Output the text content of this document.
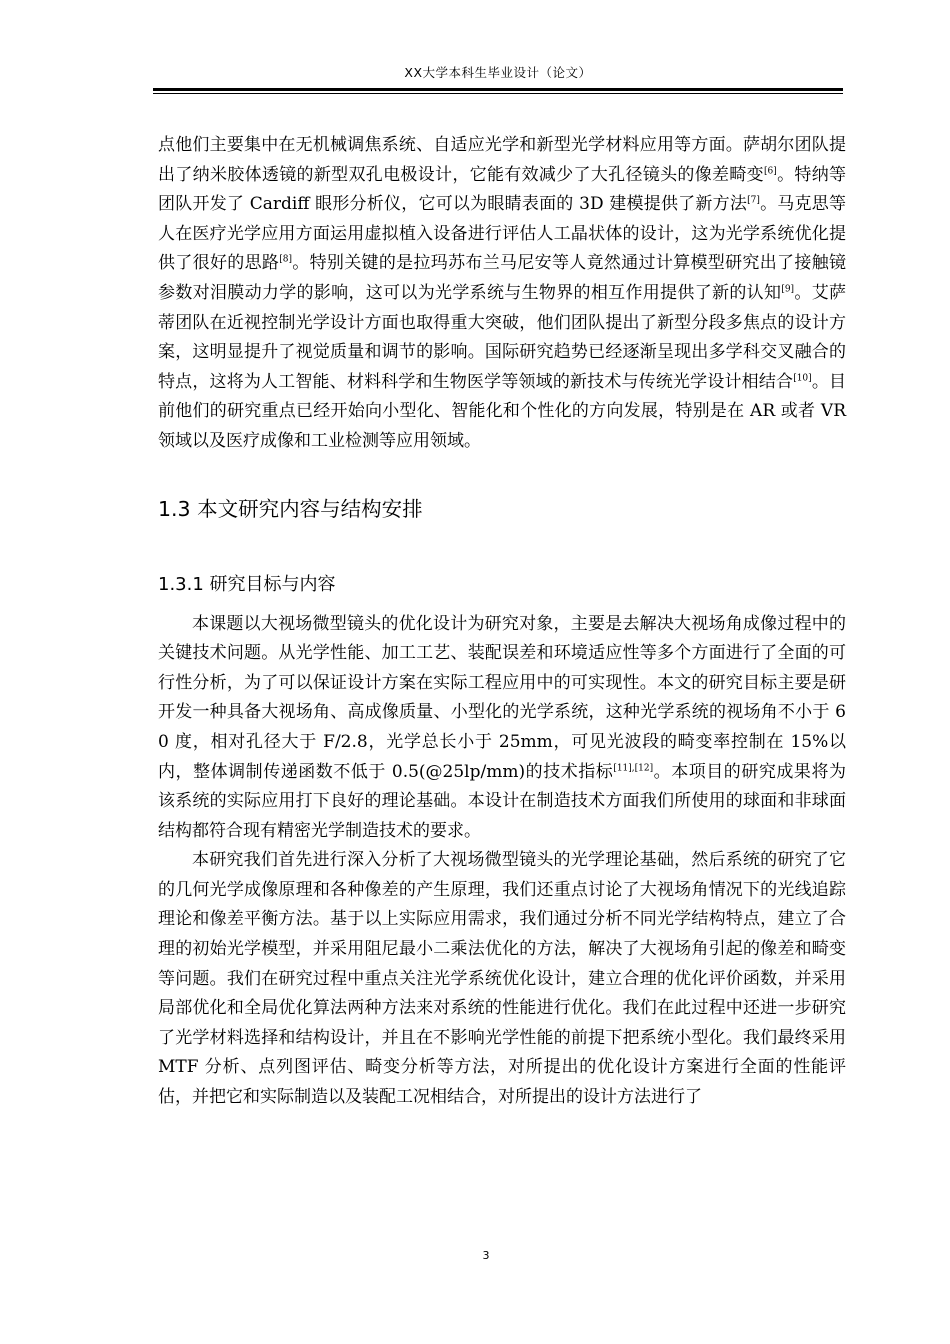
XX大学本科生毕业设计（论文）

点他们主要集中在无机械调焦系统、自适应光学和新型光学材料应用等方面。萨胡尔团队提出了纳米胶体透镜的新型双孔电极设计，它能有效减少了大孔径镜头的像差畸变[6]。特纳等团队开发了 Cardiff 眼形分析仪，它可以为眼睛表面的 3D 建模提供了新方法[7]。马克思等人在医疗光学应用方面运用虚拟植入设备进行评估人工晶状体的设计，这为光学系统优化提供了很好的思路[8]。特别关键的是拉玛苏布兰马尼安等人竟然通过计算模型研究出了接触镜参数对泪膜动力学的影响，这可以为光学系统与生物界的相互作用提供了新的认知[9]。艾萨蒂团队在近视控制光学设计方面也取得重大突破，他们团队提出了新型分段多焦点的设计方案，这明显提升了视觉质量和调节的影响。国际研究趋势已经逐渐呈现出多学科交叉融合的特点，这将为人工智能、材料科学和生物医学等领域的新技术与传统光学设计相结合[10]。目前他们的研究重点已经开始向小型化、智能化和个性化的方向发展，特别是在 AR 或者 VR 领域以及医疗成像和工业检测等应用领域。

1.3 本文研究内容与结构安排
1.3.1 研究目标与内容

本课题以大视场微型镜头的优化设计为研究对象，主要是去解决大视场角成像过程中的关键技术问题。从光学性能、加工工艺、装配误差和环境适应性等多个方面进行了全面的可行性分析，为了可以保证设计方案在实际工程应用中的可实现性。本文的研究目标主要是研开发一种具备大视场角、高成像质量、小型化的光学系统，这种光学系统的视场角不小于 60 度，相对孔径大于 F/2.8，光学总长小于 25mm，可见光波段的畸变率控制在 15%以内，整体调制传递函数不低于 0.5(@25lp/mm)的技术指标[11],[12]。本项目的研究成果将为该系统的实际应用打下良好的理论基础。本设计在制造技术方面我们所使用的球面和非球面结构都符合现有精密光学制造技术的要求。

本研究我们首先进行深入分析了大视场微型镜头的光学理论基础，然后系统的研究了它的几何光学成像原理和各种像差的产生原理，我们还重点讨论了大视场角情况下的光线追踪理论和像差平衡方法。基于以上实际应用需求，我们通过分析不同光学结构特点，建立了合理的初始光学模型，并采用阻尼最小二乘法优化的方法，解决了大视场角引起的像差和畸变等问题。我们在研究过程中重点关注光学系统优化设计，建立合理的优化评价函数，并采用局部优化和全局优化算法两种方法来对系统的性能进行优化。我们在此过程中还进一步研究了光学材料选择和结构设计，并且在不影响光学性能的前提下把系统小型化。我们最终采用 MTF 分析、点列图评估、畸变分析等方法，对所提出的优化设计方案进行全面的性能评估，并把它和实际制造以及装配工况相结合，对所提出的设计方法进行了

3
